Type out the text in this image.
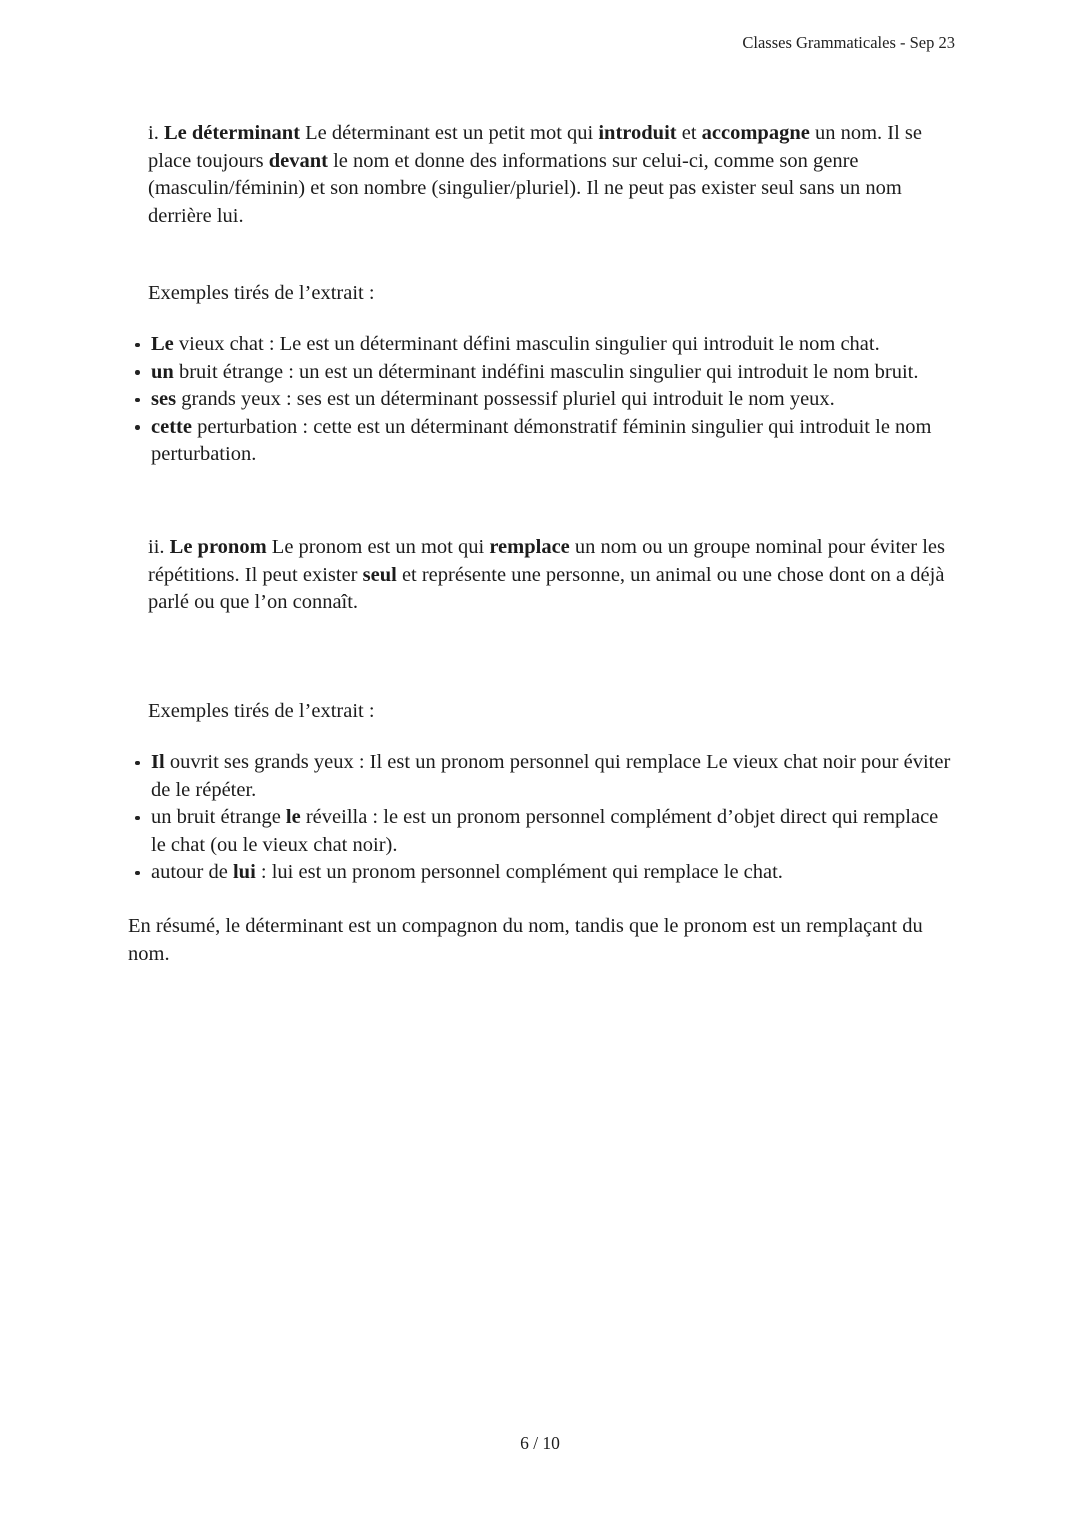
Classes Grammaticales - Sep 23

i. Le déterminant Le déterminant est un petit mot qui introduit et accompagne un nom. Il se place toujours devant le nom et donne des informations sur celui-ci, comme son genre (masculin/féminin) et son nombre (singulier/pluriel). Il ne peut pas exister seul sans un nom derrière lui.

Exemples tirés de l’extrait :

Le vieux chat : Le est un déterminant défini masculin singulier qui introduit le nom chat.
un bruit étrange : un est un déterminant indéfini masculin singulier qui introduit le nom bruit.
ses grands yeux : ses est un déterminant possessif pluriel qui introduit le nom yeux.
cette perturbation : cette est un déterminant démonstratif féminin singulier qui introduit le nom perturbation.

ii. Le pronom Le pronom est un mot qui remplace un nom ou un groupe nominal pour éviter les répétitions. Il peut exister seul et représente une personne, un animal ou une chose dont on a déjà parlé ou que l’on connaît.

Exemples tirés de l’extrait :

Il ouvrit ses grands yeux : Il est un pronom personnel qui remplace Le vieux chat noir pour éviter de le répéter.
un bruit étrange le réveilla : le est un pronom personnel complément d’objet direct qui remplace le chat (ou le vieux chat noir).
autour de lui : lui est un pronom personnel complément qui remplace le chat.

En résumé, le déterminant est un compagnon du nom, tandis que le pronom est un remplaçant du nom.

6 / 10
